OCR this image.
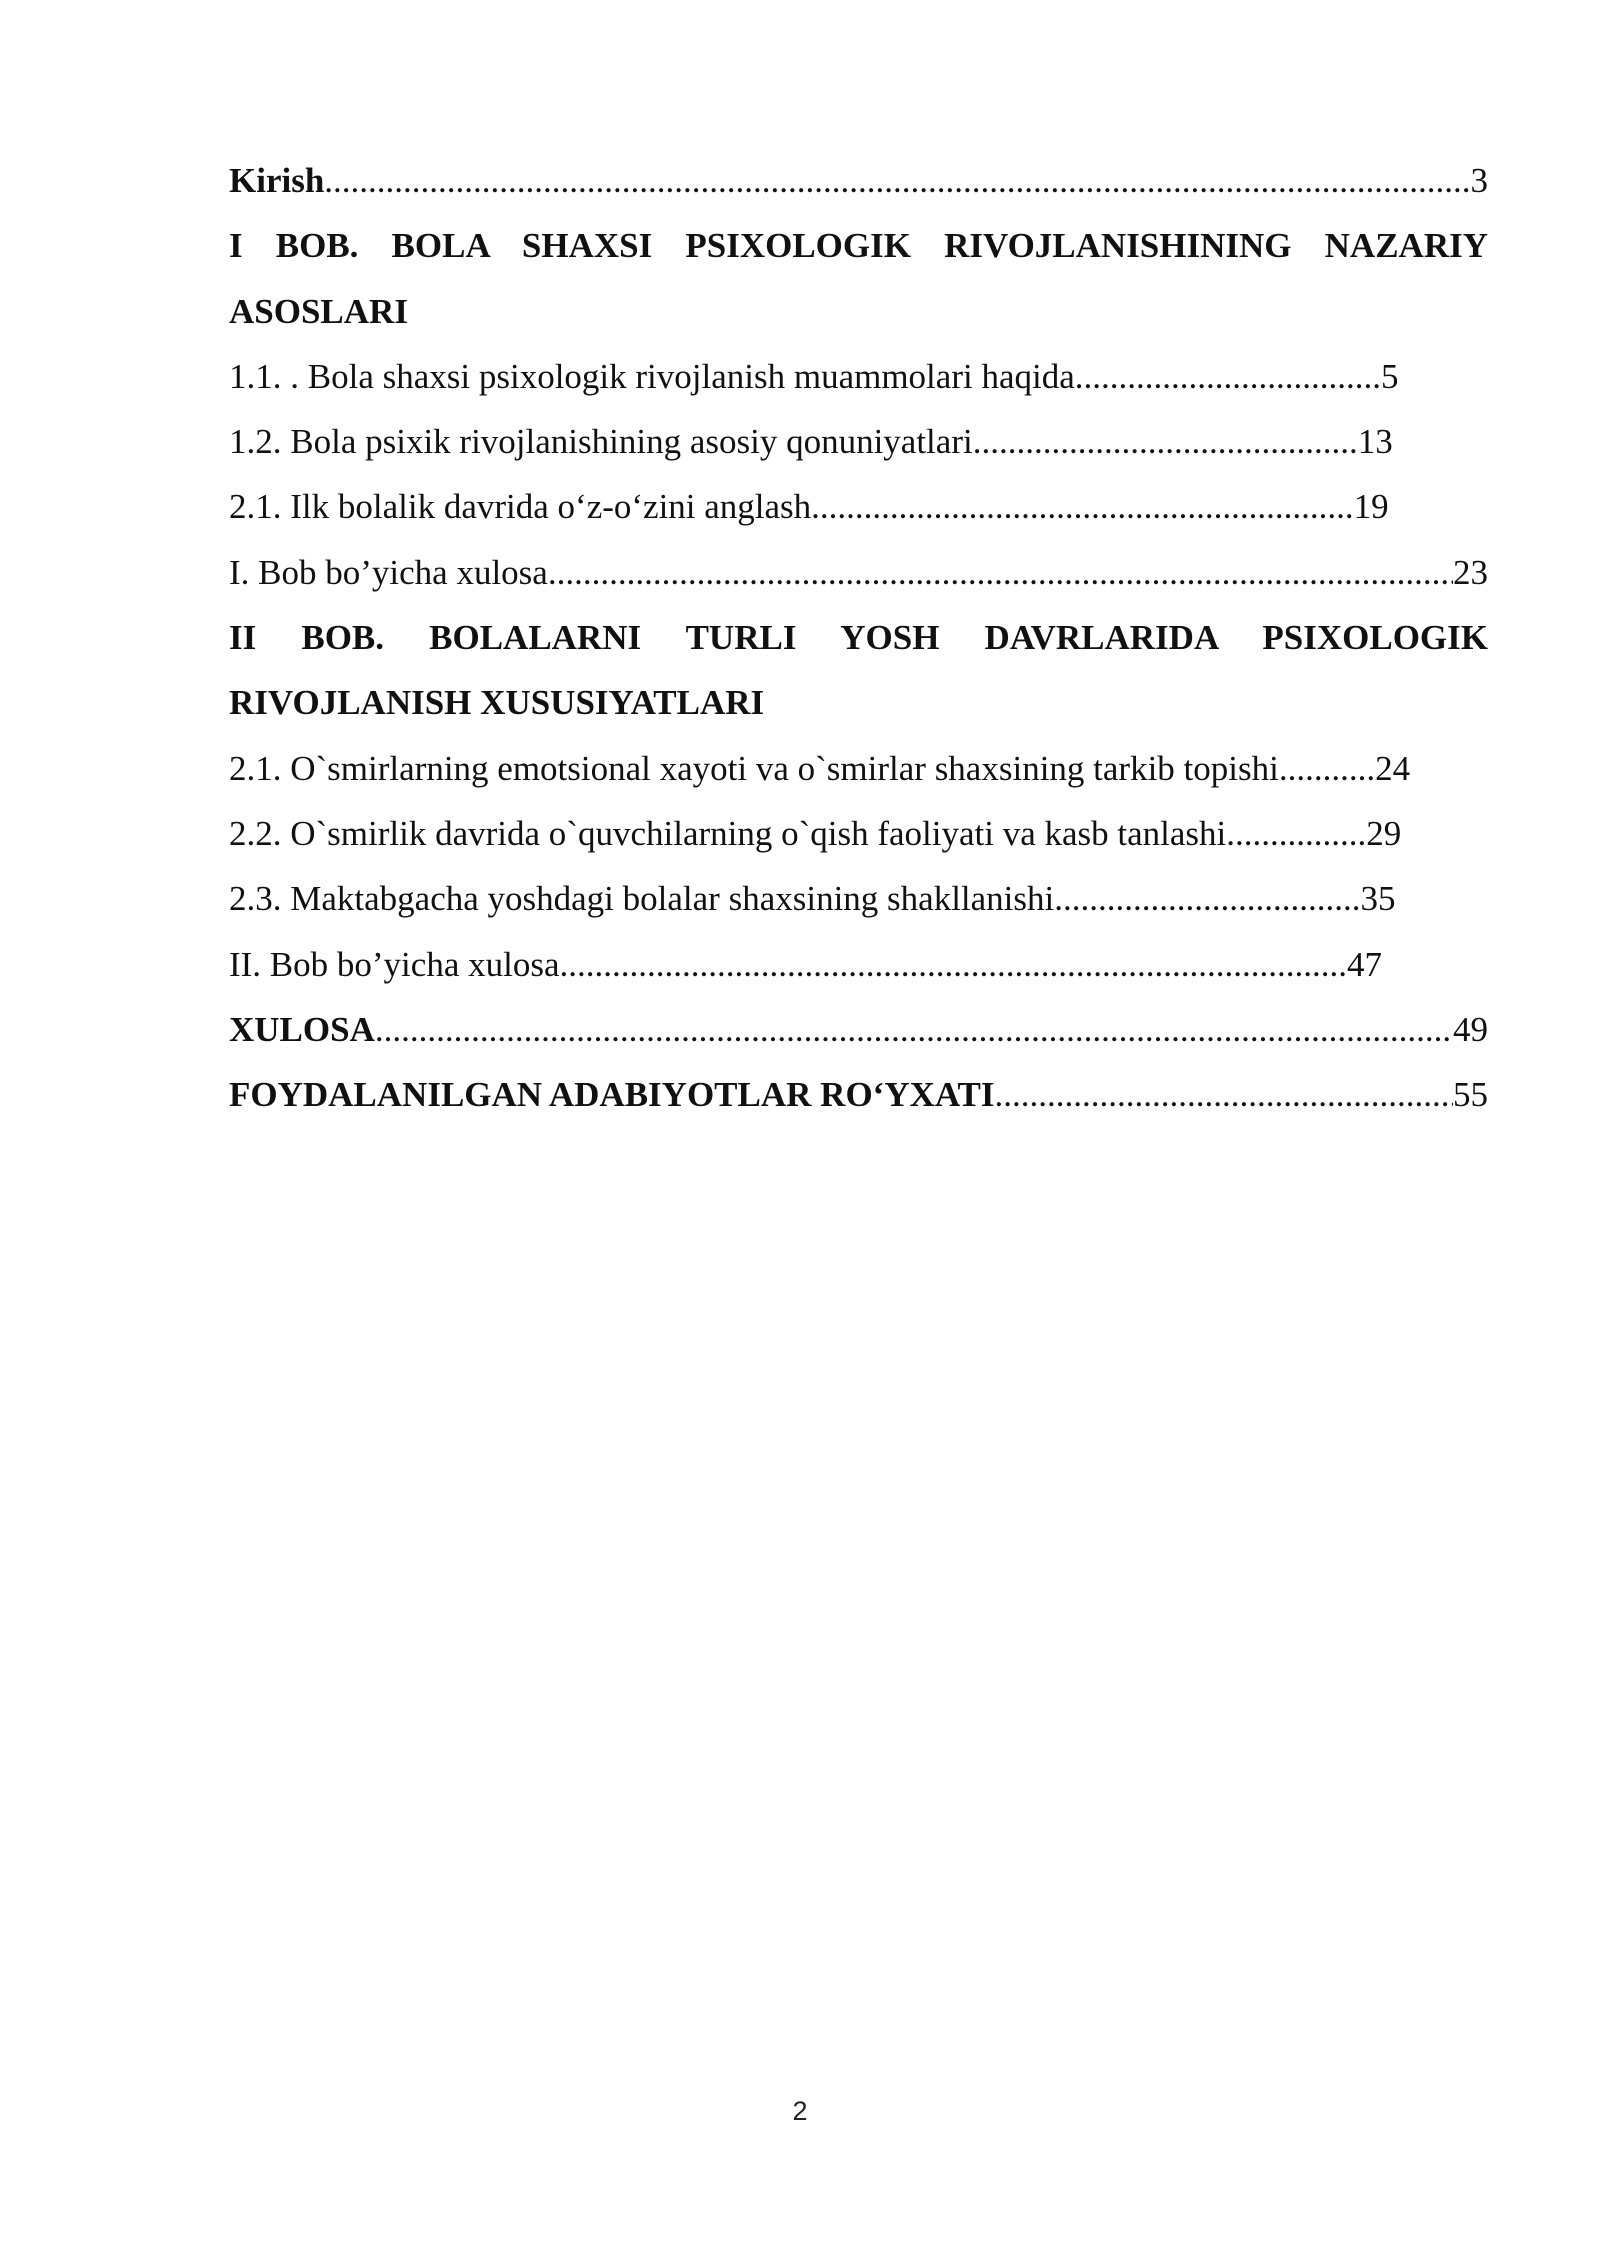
Kirish .....	3
I BOB. BOLA SHAXSI PSIXOLOGIK RIVOJLANISHINING NAZARIY ASOSLARI
1.1. . Bola shaxsi psixologik rivojlanish muammolari haqida...................................5
1.2. Bola psixik rivojlanishining asosiy qonuniyatlari............................................13
2.1. Ilk bolalik davrida o‘z-o‘zini anglash..............................................................19
I. Bob bo’yicha xulosa .....	23
II BOB. BOLALARNI TURLI YOSH DAVRLARIDA PSIXOLOGIK RIVOJLANISH XUSUSIYATLARI
2.1. O`smirlarning emotsional xayoti va o`smirlar shaxsining tarkib topishi...........24
2.2. O`smirlik davrida o`quvchilarning o`qish faoliyati va kasb tanlashi................29
2.3. Maktabgacha yoshdagi bolalar shaxsining shakllanishi...................................35
II. Bob bo’yicha xulosa..........................................................................................47
XULOSA .....	49
FOYDALANILGAN ADABIYOTLAR RO‘YXATI .....	55
2
